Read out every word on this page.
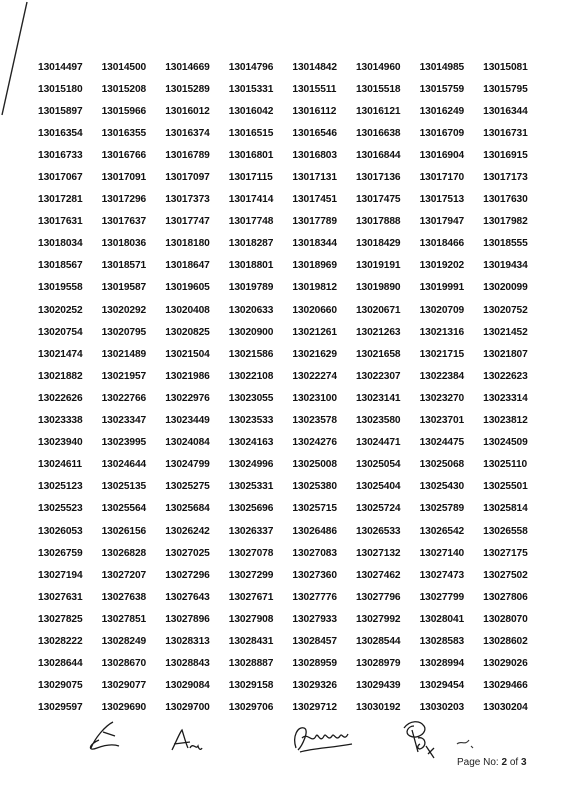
13014497	13014500	13014669	13014796	13014842	13014960	13014985	13015081
13015180	13015208	13015289	13015331	13015511	13015518	13015759	13015795
13015897	13015966	13016012	13016042	13016112	13016121	13016249	13016344
13016354	13016355	13016374	13016515	13016546	13016638	13016709	13016731
13016733	13016766	13016789	13016801	13016803	13016844	13016904	13016915
13017067	13017091	13017097	13017115	13017131	13017136	13017170	13017173
13017281	13017296	13017373	13017414	13017451	13017475	13017513	13017630
13017631	13017637	13017747	13017748	13017789	13017888	13017947	13017982
13018034	13018036	13018180	13018287	13018344	13018429	13018466	13018555
13018567	13018571	13018647	13018801	13018969	13019191	13019202	13019434
13019558	13019587	13019605	13019789	13019812	13019890	13019991	13020099
13020252	13020292	13020408	13020633	13020660	13020671	13020709	13020752
13020754	13020795	13020825	13020900	13021261	13021263	13021316	13021452
13021474	13021489	13021504	13021586	13021629	13021658	13021715	13021807
13021882	13021957	13021986	13022108	13022274	13022307	13022384	13022623
13022626	13022766	13022976	13023055	13023100	13023141	13023270	13023314
13023338	13023347	13023449	13023533	13023578	13023580	13023701	13023812
13023940	13023995	13024084	13024163	13024276	13024471	13024475	13024509
13024611	13024644	13024799	13024996	13025008	13025054	13025068	13025110
13025123	13025135	13025275	13025331	13025380	13025404	13025430	13025501
13025523	13025564	13025684	13025696	13025715	13025724	13025789	13025814
13026053	13026156	13026242	13026337	13026486	13026533	13026542	13026558
13026759	13026828	13027025	13027078	13027083	13027132	13027140	13027175
13027194	13027207	13027296	13027299	13027360	13027462	13027473	13027502
13027631	13027638	13027643	13027671	13027776	13027796	13027799	13027806
13027825	13027851	13027896	13027908	13027933	13027992	13028041	13028070
13028222	13028249	13028313	13028431	13028457	13028544	13028583	13028602
13028644	13028670	13028843	13028887	13028959	13028979	13028994	13029026
13029075	13029077	13029084	13029158	13029326	13029439	13029454	13029466
13029597	13029690	13029700	13029706	13029712	13030192	13030203	13030204
Page No: 2 of 3
